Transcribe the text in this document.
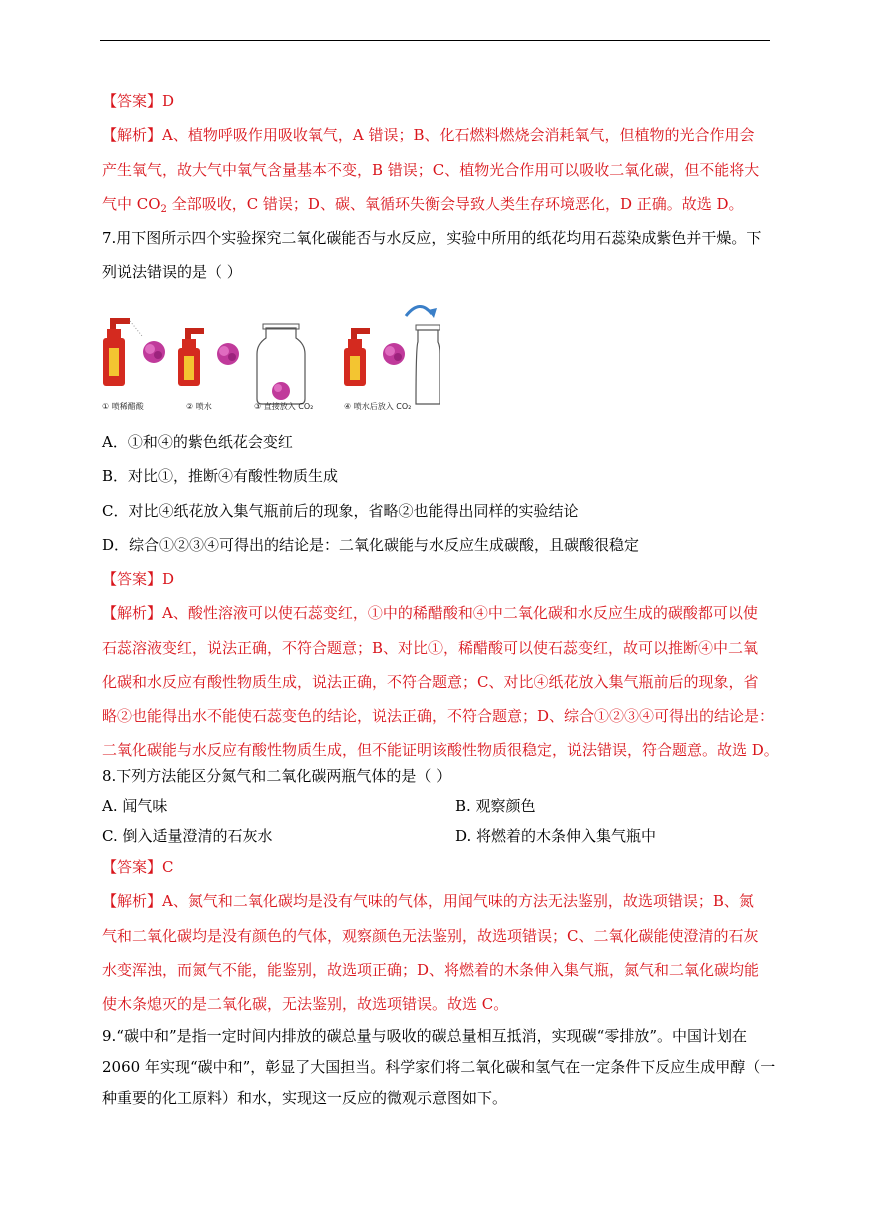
【答案】D
【解析】A、植物呼吸作用吸收氧气，A 错误；B、化石燃料燃烧会消耗氧气，但植物的光合作用会
产生氧气，故大气中氧气含量基本不变，B 错误；C、植物光合作用可以吸收二氧化碳，但不能将大
气中 $CO_2$ 全部吸收，C 错误；D、碳、氧循环失衡会导致人类生存环境恶化，D 正确。故选 D。
7.用下图所示四个实验探究二氧化碳能否与水反应，实验中所用的纸花均用石蕊染成紫色并干燥。下
列说法错误的是（ ）
① 喷稀醋酸	② 喷水	③ 直接放入 CO₂	④ 喷水后放入 CO₂
A．①和④的紫色纸花会变红
B．对比①，推断④有酸性物质生成
C．对比④纸花放入集气瓶前后的现象，省略②也能得出同样的实验结论
D．综合①②③④可得出的结论是：二氧化碳能与水反应生成碳酸，且碳酸很稳定
【答案】D
【解析】A、酸性溶液可以使石蕊变红，①中的稀醋酸和④中二氧化碳和水反应生成的碳酸都可以使
石蕊溶液变红，说法正确，不符合题意；B、对比①，稀醋酸可以使石蕊变红，故可以推断④中二氧
化碳和水反应有酸性物质生成，说法正确，不符合题意；C、对比④纸花放入集气瓶前后的现象，省
略②也能得出水不能使石蕊变色的结论，说法正确，不符合题意；D、综合①②③④可得出的结论是：
二氧化碳能与水反应有酸性物质生成，但不能证明该酸性物质很稳定，说法错误，符合题意。故选 D。
8.下列方法能区分氮气和二氧化碳两瓶气体的是（ ）
A. 闻气味	B. 观察颜色
C. 倒入适量澄清的石灰水	D. 将燃着的木条伸入集气瓶中
【答案】C
【解析】A、氮气和二氧化碳均是没有气味的气体，用闻气味的方法无法鉴别，故选项错误；B、氮
气和二氧化碳均是没有颜色的气体，观察颜色无法鉴别，故选项错误；C、二氧化碳能使澄清的石灰
水变浑浊，而氮气不能，能鉴别，故选项正确；D、将燃着的木条伸入集气瓶，氮气和二氧化碳均能
使木条熄灭的是二氧化碳，无法鉴别，故选项错误。故选 C。
9.“碳中和”是指一定时间内排放的碳总量与吸收的碳总量相互抵消，实现碳“零排放”。中国计划在
2060 年实现“碳中和”，彰显了大国担当。科学家们将二氧化碳和氢气在一定条件下反应生成甲醇（一
种重要的化工原料）和水，实现这一反应的微观示意图如下。
